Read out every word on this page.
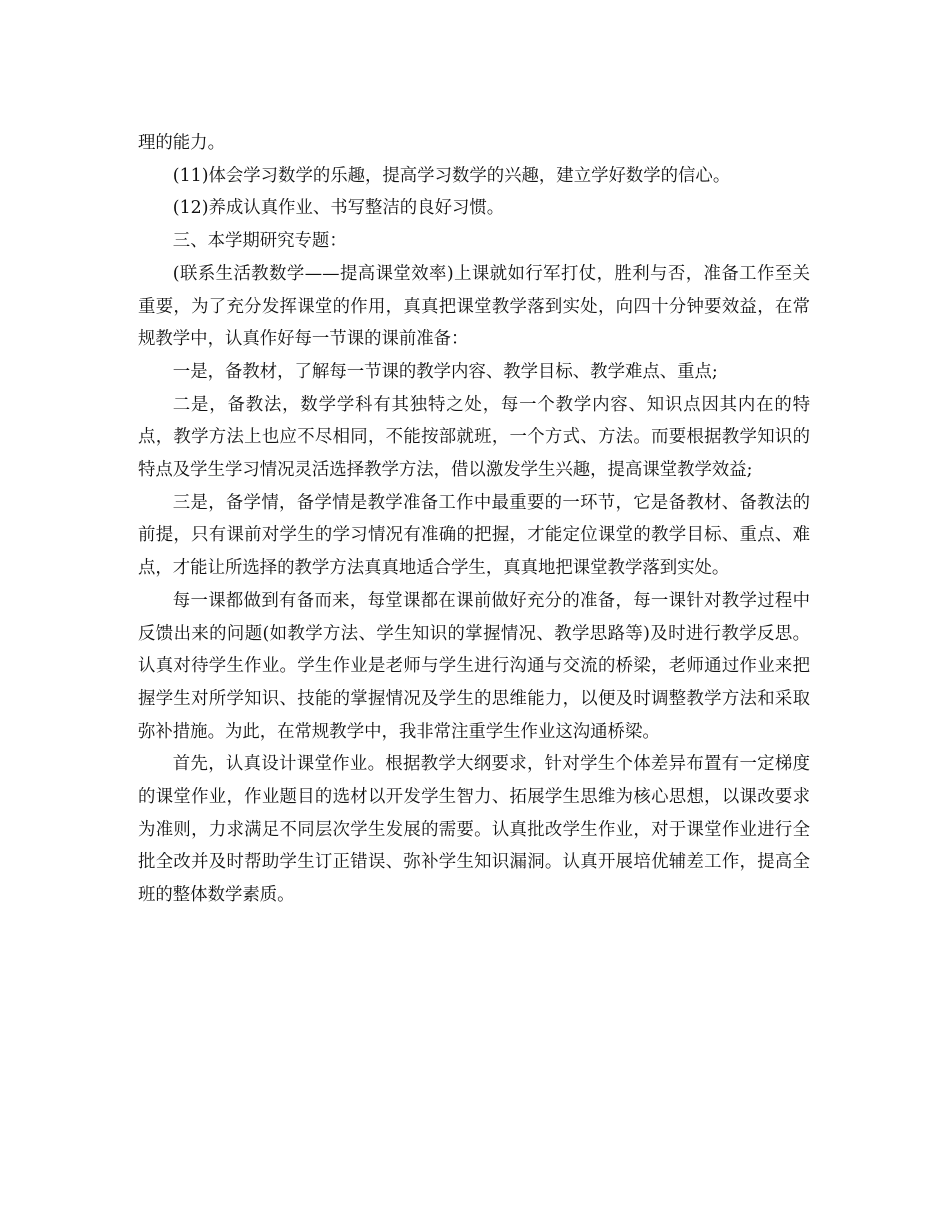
理的能力。

(11)体会学习数学的乐趣，提高学习数学的兴趣，建立学好数学的信心。

(12)养成认真作业、书写整洁的良好习惯。

三、本学期研究专题：

(联系生活教数学——提高课堂效率)上课就如行军打仗，胜利与否，准备工作至关重要，为了充分发挥课堂的作用，真真把课堂教学落到实处，向四十分钟要效益，在常规教学中，认真作好每一节课的课前准备：

一是，备教材，了解每一节课的教学内容、教学目标、教学难点、重点;

二是，备教法，数学学科有其独特之处，每一个教学内容、知识点因其内在的特点，教学方法上也应不尽相同，不能按部就班，一个方式、方法。而要根据教学知识的特点及学生学习情况灵活选择教学方法，借以激发学生兴趣，提高课堂教学效益;

三是，备学情，备学情是教学准备工作中最重要的一环节，它是备教材、备教法的前提，只有课前对学生的学习情况有准确的把握，才能定位课堂的教学目标、重点、难点，才能让所选择的教学方法真真地适合学生，真真地把课堂教学落到实处。

每一课都做到有备而来，每堂课都在课前做好充分的准备，每一课针对教学过程中反馈出来的问题(如教学方法、学生知识的掌握情况、教学思路等)及时进行教学反思。认真对待学生作业。学生作业是老师与学生进行沟通与交流的桥梁，老师通过作业来把握学生对所学知识、技能的掌握情况及学生的思维能力，以便及时调整教学方法和采取弥补措施。为此，在常规教学中，我非常注重学生作业这沟通桥梁。

首先，认真设计课堂作业。根据教学大纲要求，针对学生个体差异布置有一定梯度的课堂作业，作业题目的选材以开发学生智力、拓展学生思维为核心思想，以课改要求为准则，力求满足不同层次学生发展的需要。认真批改学生作业，对于课堂作业进行全批全改并及时帮助学生订正错误、弥补学生知识漏洞。认真开展培优辅差工作，提高全班的整体数学素质。
